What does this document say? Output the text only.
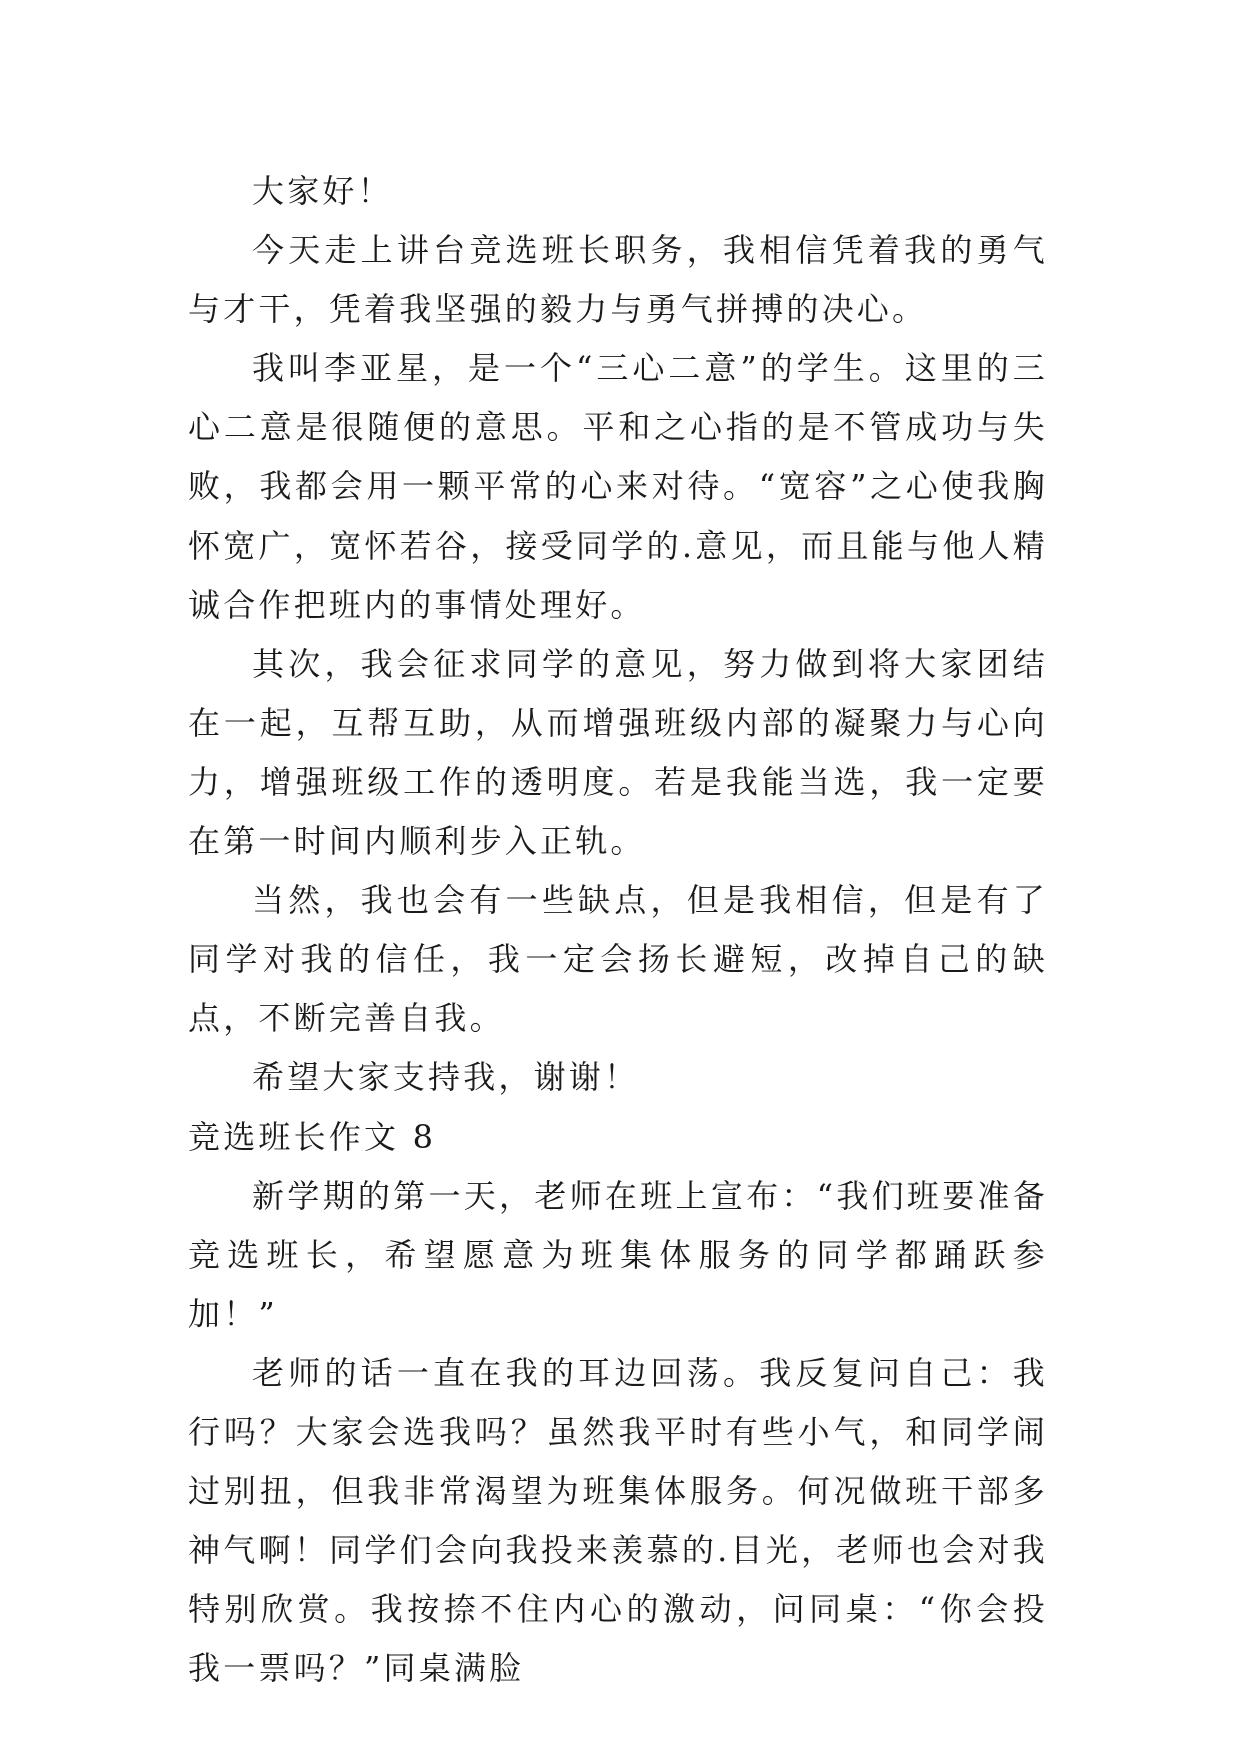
大家好！

今天走上讲台竞选班长职务，我相信凭着我的勇气与才干，凭着我坚强的毅力与勇气拼搏的决心。

我叫李亚星，是一个“三心二意”的学生。这里的三心二意是很随便的意思。平和之心指的是不管成功与失败，我都会用一颗平常的心来对待。“宽容”之心使我胸怀宽广，宽怀若谷，接受同学的.意见，而且能与他人精诚合作把班内的事情处理好。

其次，我会征求同学的意见，努力做到将大家团结在一起，互帮互助，从而增强班级内部的凝聚力与心向力，增强班级工作的透明度。若是我能当选，我一定要在第一时间内顺利步入正轨。

当然，我也会有一些缺点，但是我相信，但是有了同学对我的信任，我一定会扬长避短，改掉自己的缺点，不断完善自我。

希望大家支持我，谢谢！

竞选班长作文 8

新学期的第一天，老师在班上宣布：“我们班要准备竞选班长，希望愿意为班集体服务的同学都踊跃参加！”

老师的话一直在我的耳边回荡。我反复问自己：我行吗？大家会选我吗？虽然我平时有些小气，和同学闹过别扭，但我非常渴望为班集体服务。何况做班干部多神气啊！同学们会向我投来羡慕的.目光，老师也会对我特别欣赏。我按捺不住内心的激动，问同桌：“你会投我一票吗？”同桌满脸
